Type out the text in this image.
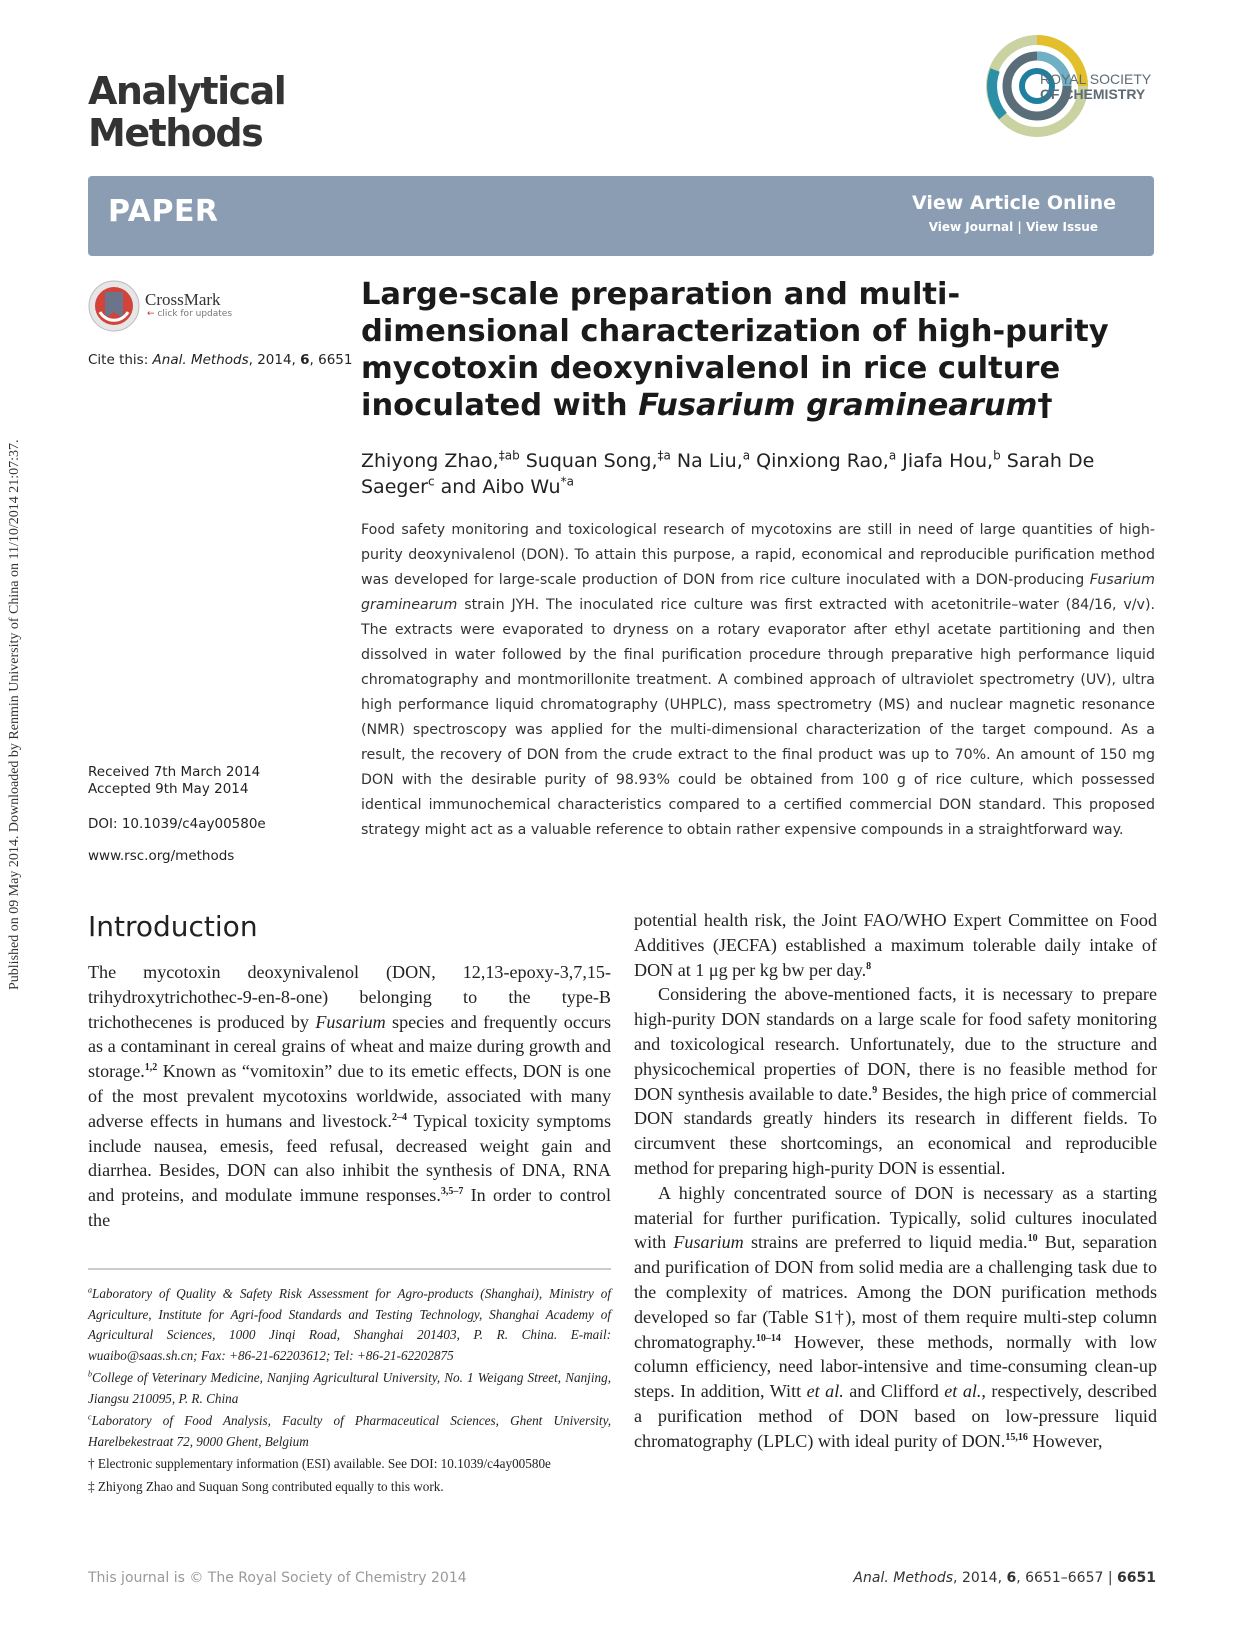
Published on 09 May 2014. Downloaded by Renmin University of China on 11/10/2014 21:07:37.
Analytical
Methods
ROYAL SOCIETY
OF CHEMISTRY
PAPER	View Article Online
View Journal | View Issue
CrossMark
← click for updates
Cite this: Anal. Methods, 2014, 6, 6651
Received 7th March 2014
Accepted 9th May 2014
DOI: 10.1039/c4ay00580e
www.rsc.org/methods
Large-scale preparation and multi-dimensional characterization of high-purity mycotoxin deoxynivalenol in rice culture inoculated with Fusarium graminearum†
Zhiyong Zhao,$^{\ddagger ab}$ Suquan Song,$^{\ddagger a}$ Na Liu,$^a$ Qinxiong Rao,$^a$ Jiafa Hou,$^b$ Sarah De Saeger$^c$ and Aibo Wu$^{*a}$
Food safety monitoring and toxicological research of mycotoxins are still in need of large quantities of high-purity deoxynivalenol (DON). To attain this purpose, a rapid, economical and reproducible purification method was developed for large-scale production of DON from rice culture inoculated with a DON-producing Fusarium graminearum strain JYH. The inoculated rice culture was first extracted with acetonitrile–water (84/16, v/v). The extracts were evaporated to dryness on a rotary evaporator after ethyl acetate partitioning and then dissolved in water followed by the final purification procedure through preparative high performance liquid chromatography and montmorillonite treatment. A combined approach of ultraviolet spectrometry (UV), ultra high performance liquid chromatography (UHPLC), mass spectrometry (MS) and nuclear magnetic resonance (NMR) spectroscopy was applied for the multi-dimensional characterization of the target compound. As a result, the recovery of DON from the crude extract to the final product was up to 70%. An amount of 150 mg DON with the desirable purity of 98.93% could be obtained from 100 g of rice culture, which possessed identical immunochemical characteristics compared to a certified commercial DON standard. This proposed strategy might act as a valuable reference to obtain rather expensive compounds in a straightforward way.
Introduction

The mycotoxin deoxynivalenol (DON, 12,13-epoxy-3,7,15-trihydroxytrichothec-9-en-8-one) belonging to the type-B trichothecenes is produced by Fusarium species and frequently occurs as a contaminant in cereal grains of wheat and maize during growth and storage.$^{1,2}$ Known as “vomitoxin” due to its emetic effects, DON is one of the most prevalent mycotoxins worldwide, associated with many adverse effects in humans and livestock.$^{2-4}$ Typical toxicity symptoms include nausea, emesis, feed refusal, decreased weight gain and diarrhea. Besides, DON can also inhibit the synthesis of DNA, RNA and proteins, and modulate immune responses.$^{3,5-7}$ In order to control the

$^a$Laboratory of Quality & Safety Risk Assessment for Agro-products (Shanghai), Ministry of Agriculture, Institute for Agri-food Standards and Testing Technology, Shanghai Academy of Agricultural Sciences, 1000 Jinqi Road, Shanghai 201403, P. R. China. E-mail: wuaibo@saas.sh.cn; Fax: +86-21-62203612; Tel: +86-21-62202875

$^b$College of Veterinary Medicine, Nanjing Agricultural University, No. 1 Weigang Street, Nanjing, Jiangsu 210095, P. R. China

$^c$Laboratory of Food Analysis, Faculty of Pharmaceutical Sciences, Ghent University, Harelbekestraat 72, 9000 Ghent, Belgium

† Electronic supplementary information (ESI) available. See DOI: 10.1039/c4ay00580e

‡ Zhiyong Zhao and Suquan Song contributed equally to this work.

potential health risk, the Joint FAO/WHO Expert Committee on Food Additives (JECFA) established a maximum tolerable daily intake of DON at 1 μg per kg bw per day.$^8$

Considering the above-mentioned facts, it is necessary to prepare high-purity DON standards on a large scale for food safety monitoring and toxicological research. Unfortunately, due to the structure and physicochemical properties of DON, there is no feasible method for DON synthesis available to date.$^9$ Besides, the high price of commercial DON standards greatly hinders its research in different fields. To circumvent these shortcomings, an economical and reproducible method for preparing high-purity DON is essential.

A highly concentrated source of DON is necessary as a starting material for further purification. Typically, solid cultures inoculated with Fusarium strains are preferred to liquid media.$^{10}$ But, separation and purification of DON from solid media are a challenging task due to the complexity of matrices. Among the DON purification methods developed so far (Table S1†), most of them require multi-step column chromatography.$^{10-14}$ However, these methods, normally with low column efficiency, need labor-intensive and time-consuming clean-up steps. In addition, Witt et al. and Clifford et al., respectively, described a purification method of DON based on low-pressure liquid chromatography (LPLC) with ideal purity of DON.$^{15,16}$ However,

This journal is © The Royal Society of Chemistry 2014	Anal. Methods, 2014, 6, 6651–6657 | 6651
